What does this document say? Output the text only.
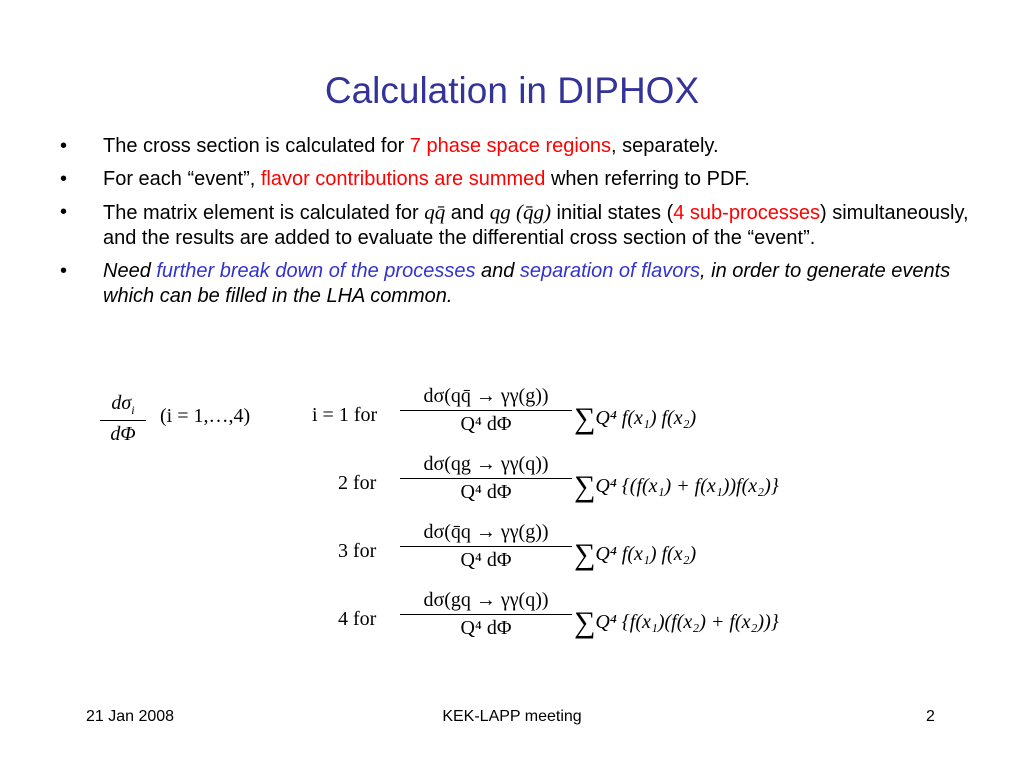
Calculation in DIPHOX
• The cross section is calculated for 7 phase space regions, separately.
• For each “event”, flavor contributions are summed when referring to PDF.
• The matrix element is calculated for qq̄ and qg (q̄g) initial states (4 sub-processes) simultaneously, and the results are added to evaluate the differential cross section of the “event”.
• Need further break down of the processes and separation of flavors, in order to generate events which can be filled in the LHA common.
$d\sigma_i$
dΦ
(i = 1,…,4)	i = 1 for $\frac{d\sigma(qq̄ \to \gamma\gamma(g))}{\text{Q⁴ dΦ}} \sum Q^4$ f(x₁) f(x₂)
2 for $\frac{d\sigma(qg \to \gamma\gamma(q))}{\text{Q⁴ dΦ}} \sum Q^4$ {(f(x₁) + f(x₁))f(x₂)}
3 for $\frac{d\sigma(q̄q \to \gamma\gamma(g))}{\text{Q⁴ dΦ}} \sum Q^4$ f(x₁) f(x₂)
4 for $\frac{d\sigma(gq \to \gamma\gamma(q))}{\text{Q⁴ dΦ}} \sum Q^4$ {f(x₁)(f(x₂) + f(x₂))}
21 Jan 2008	KEK-LAPP meeting	2
